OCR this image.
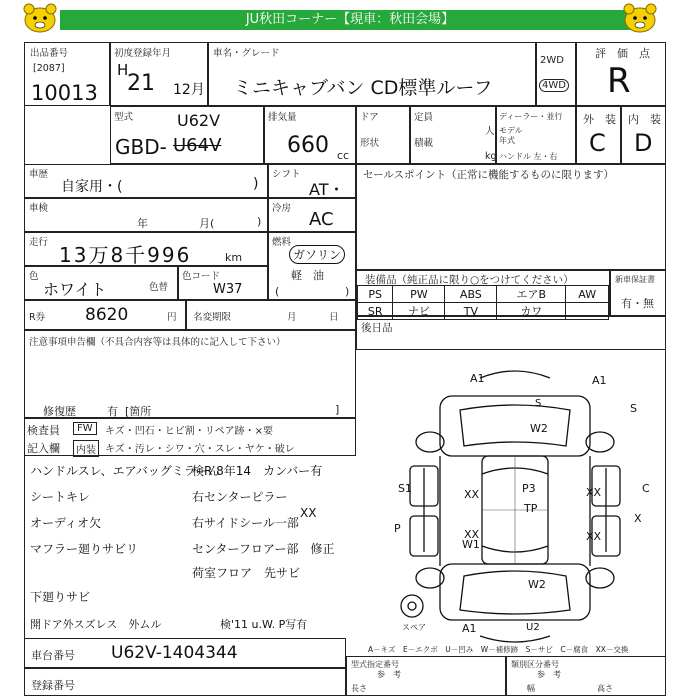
JU秋田コーナー【現車：秋田会場】
出品番号
[2087]
10013
初度登録年月
H
21 12月
車名・グレード
ミニキャブバン CD標準ルーフ
2WD
4WD
評　価　点
R
型式	U62V
GBD- U64V
排気量
660 cc
ドア
形状
定員
人
積載
kg
ディーラー・並行
モデル
年式
ハンドル 左・右
外　装
C
内　装
D
車歴
自家用・(	)
シフト
AT・
車検
年	月(	)
冷房
AC
走行
13万8千996	km
燃料
ガソリン
軽　油
(	)
色
ホワイト	色替
色コード
W37
R券 8620	円 名変期限	月	日
注意事項申告欄（不具合内容等は具体的に記入して下さい）
修復歴	有 [箇所	]
セールスポイント（正常に機能するものに限ります）
装備品（純正品に限り○をつけてください）
PS	PW	ABS	エアB	AW
SR	ナビ	TV	カワ	
新車保証書
有・無
後日品
検査員
記入欄
FW	キズ・凹石・ヒビ割・リペア跡・×要
内装 キズ・汚レ・シワ・穴・スレ・ヤケ・破レ
ハンドルスレ、エアバッグミラーん
シートキレ
オーディオ欠
マフラー廻りサビリ
下廻りサビ
開ドア外スズレス　外ムル
検R 8年14　カンバー有
右センターピラー
右サイドシール一部
XX
センターフロアー部　修正
荷室フロア　先サビ
検'11 u.W. P写有
車台番号 U62V-1404344
登録番号
型式指定番号
参　考
長さ
類別区分番号
参　考
幅	高さ
A1	A1
S
W2
S
S1	C
P3
TP
XX
XX
XX
XX
W1
W2
U2
A1
P
X
スペア
A－キズ　E－エクボ　U－凹み　W－補修跡　S－サビ　C－腐食　XX－交換
